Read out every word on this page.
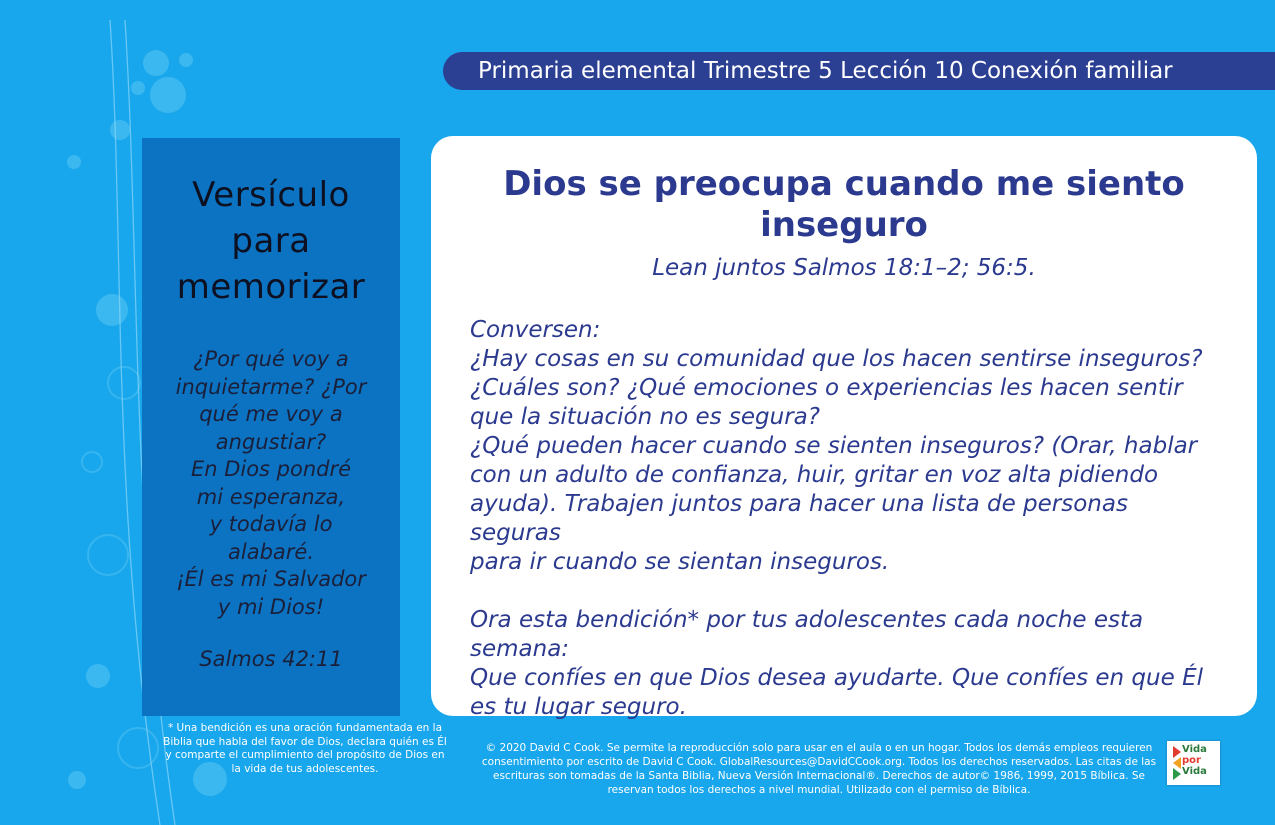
Primaria elemental Trimestre 5 Lección 10 Conexión familiar
Versículo
para
memorizar
¿Por qué voy a
inquietarme? ¿Por
qué me voy a
angustiar?
En Dios pondré
mi esperanza,
y todavía lo
alabaré.
¡Él es mi Salvador
y mi Dios!
Salmos 42:11
* Una bendición es una oración fundamentada en la Biblia que habla del favor de Dios, declara quién es Él y comparte el cumplimiento del propósito de Dios en la vida de tus adolescentes.
Dios se preocupa cuando me siento
inseguro
Lean juntos Salmos 18:1–2; 56:5.

Conversen:

¿Hay cosas en su comunidad que los hacen sentirse inseguros?

¿Cuáles son? ¿Qué emociones o experiencias les hacen sentir

que la situación no es segura?

¿Qué pueden hacer cuando se sienten inseguros? (Orar, hablar

con un adulto de confianza, huir, gritar en voz alta pidiendo

ayuda). Trabajen juntos para hacer una lista de personas seguras

para ir cuando se sientan inseguros.

Ora esta bendición* por tus adolescentes cada noche esta

semana:

Que confíes en que Dios desea ayudarte. Que confíes en que Él

es tu lugar seguro.

© 2020 David C Cook. Se permite la reproducción solo para usar en el aula o en un hogar. Todos los demás empleos requieren consentimiento por escrito de David C Cook. GlobalResources@DavidCCook.org. Todos los derechos reservados. Las citas de las escrituras son tomadas de la Santa Biblia, Nueva Versión Internacional®. Derechos de autor© 1986, 1999, 2015 Bíblica. Se reservan todos los derechos a nivel mundial. Utilizado con el permiso de Bíblica.
Vida
por
Vida
